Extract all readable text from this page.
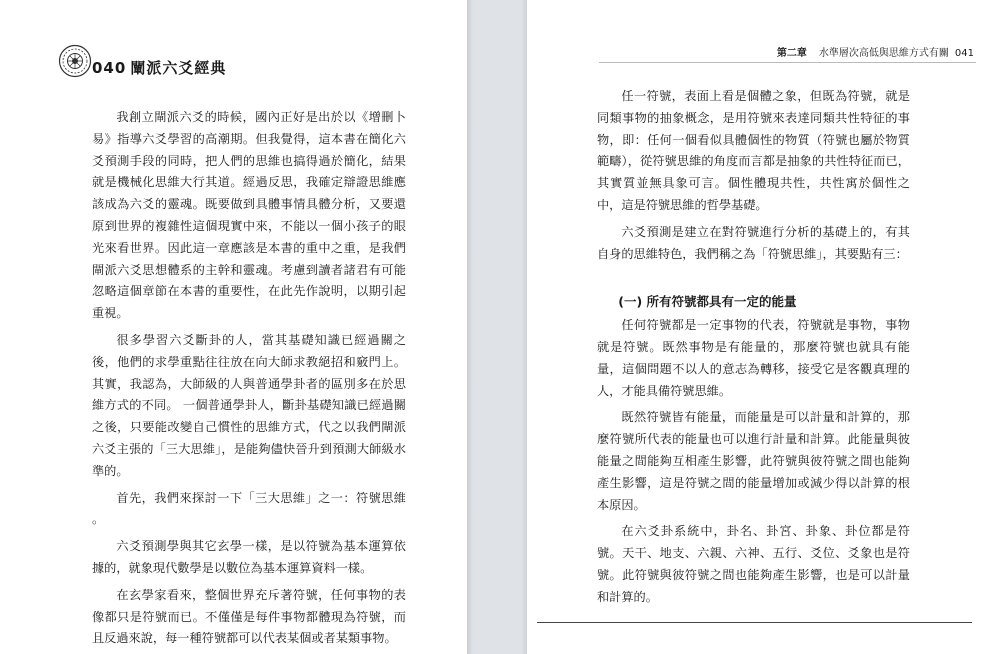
040 闡派六爻經典

我創立閘派六爻的時候，國內正好是出於以《增刪卜易》指導六爻學習的高潮期。但我覺得，這本書在簡化六爻預測手段的同時，把人們的思維也搞得過於簡化，結果就是機械化思維大行其道。經過反思，我確定辯證思維應該成為六爻的靈魂。既要做到具體事情具體分析，又要還原到世界的複雜性這個現實中來，不能以一個小孩子的眼光來看世界。因此這一章應該是本書的重中之重，是我們閘派六爻思想體系的主幹和靈魂。考慮到讀者諸君有可能忽略這個章節在本書的重要性，在此先作說明，以期引起重視。

很多學習六爻斷卦的人，當其基礎知識已經過關之後，他們的求學重點往往放在向大師求教絕招和竅門上。其實，我認為，大師級的人與普通學卦者的區別多在於思維方式的不同。 一個普通學卦人，斷卦基礎知識已經過關之後，只要能改變自己慣性的思維方式，代之以我們閘派六爻主張的「三大思維」，是能夠儘快晉升到預測大師級水準的。

首先，我們來探討一下「三大思維」之一：符號思維 。

六爻預測學與其它玄學一樣，是以符號為基本運算依據的，就象現代數學是以數位為基本運算資料一樣。

在玄學家看來，整個世界充斥著符號，任何事物的表像都只是符號而已。不僅僅是每件事物都體現為符號，而且反過來說，每一種符號都可以代表某個或者某類事物。

第二章 水準層次高低與思維方式有關 041

任一符號，表面上看是個體之象，但既為符號，就是同類事物的抽象概念，是用符號來表達同類共性特征的事物，即：任何一個看似具體個性的物質（符號也屬於物質範疇），從符號思維的角度而言都是抽象的共性特征而已，其實質並無具象可言。個性體現共性，共性寓於個性之中，這是符號思維的哲學基礎。

六爻預測是建立在對符號進行分析的基礎上的，有其自身的思維特色，我們稱之為「符號思維」，其要點有三：

(一) 所有符號都具有一定的能量

任何符號都是一定事物的代表，符號就是事物，事物就是符號。既然事物是有能量的，那麼符號也就具有能量，這個問題不以人的意志為轉移，接受它是客觀真理的人，才能具備符號思維。

既然符號皆有能量，而能量是可以計量和計算的，那麼符號所代表的能量也可以進行計量和計算。此能量與彼能量之間能夠互相產生影響，此符號與彼符號之間也能夠產生影響，這是符號之間的能量增加或減少得以計算的根本原因。

在六爻卦系統中，卦名、卦宮、卦象、卦位都是符號。天干、地支、六親、六神、五行、爻位、爻象也是符號。此符號與彼符號之間也能夠產生影響，也是可以計量和計算的。
